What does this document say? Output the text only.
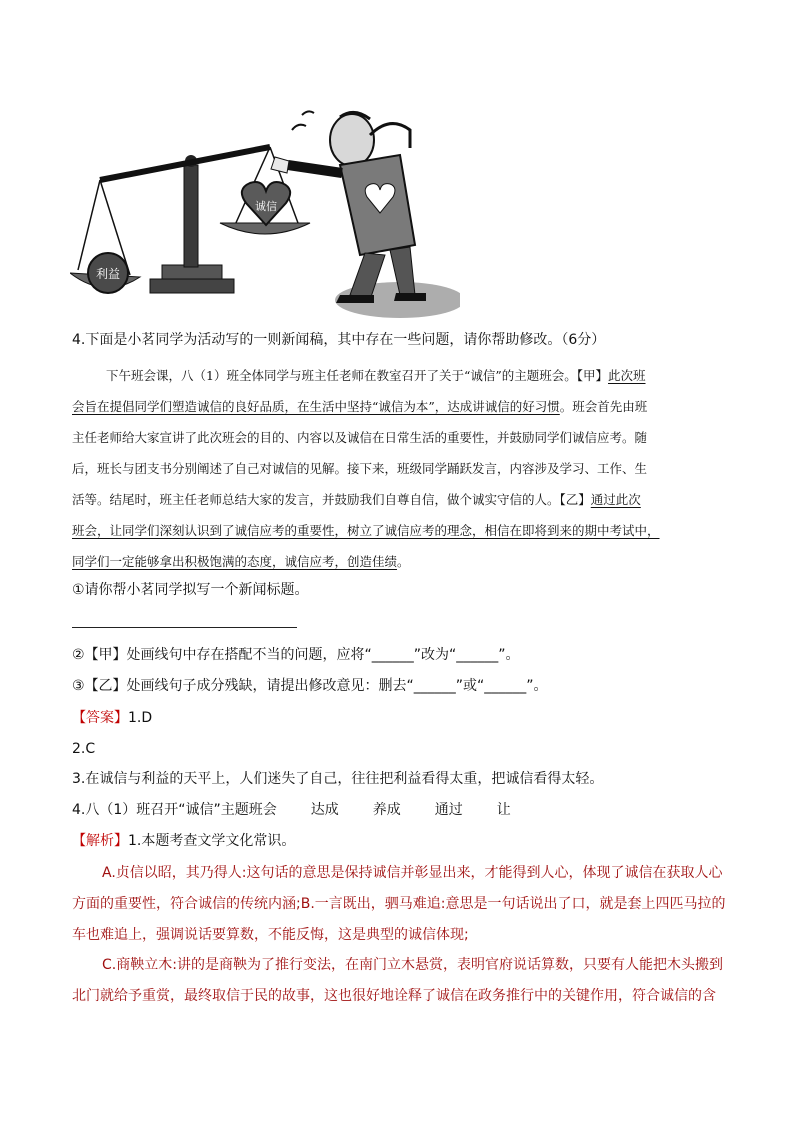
利益
诚信
4.下面是小茗同学为活动写的一则新闻稿，其中存在一些问题，请你帮助修改。（6分）
下午班会课，八（1）班全体同学与班主任老师在教室召开了关于“诚信”的主题班会。【甲】此次班
会旨在提倡同学们塑造诚信的良好品质，在生活中坚持“诚信为本”，达成讲诚信的好习惯。班会首先由班
主任老师给大家宣讲了此次班会的目的、内容以及诚信在日常生活的重要性，并鼓励同学们诚信应考。随
后，班长与团支书分别阐述了自己对诚信的见解。接下来，班级同学踊跃发言，内容涉及学习、工作、生
活等。结尾时，班主任老师总结大家的发言，并鼓励我们自尊自信，做个诚实守信的人。【乙】通过此次
班会，让同学们深刻认识到了诚信应考的重要性，树立了诚信应考的理念，相信在即将到来的期中考试中，
同学们一定能够拿出积极饱满的态度，诚信应考，创造佳绩。
①请你帮小茗同学拟写一个新闻标题。
②【甲】处画线句中存在搭配不当的问题，应将“______”改为“______”。
③【乙】处画线句子成分残缺，请提出修改意见：删去“______”或“______”。
【答案】1.D
2.C
3.在诚信与利益的天平上，人们迷失了自己，往往把利益看得太重，把诚信看得太轻。
4.八（1）班召开“诚信”主题班会 达成 养成 通过 让
【解析】1.本题考查文学文化常识。
A.贞信以昭，其乃得人:这句话的意思是保持诚信并彰显出来，才能得到人心，体现了诚信在获取人心
方面的重要性，符合诚信的传统内涵;B.一言既出，驷马难追:意思是一句话说出了口，就是套上四匹马拉的
车也难追上，强调说话要算数，不能反悔，这是典型的诚信体现;
C.商鞅立木:讲的是商鞅为了推行变法，在南门立木悬赏，表明官府说话算数，只要有人能把木头搬到
北门就给予重赏，最终取信于民的故事，这也很好地诠释了诚信在政务推行中的关键作用，符合诚信的含
